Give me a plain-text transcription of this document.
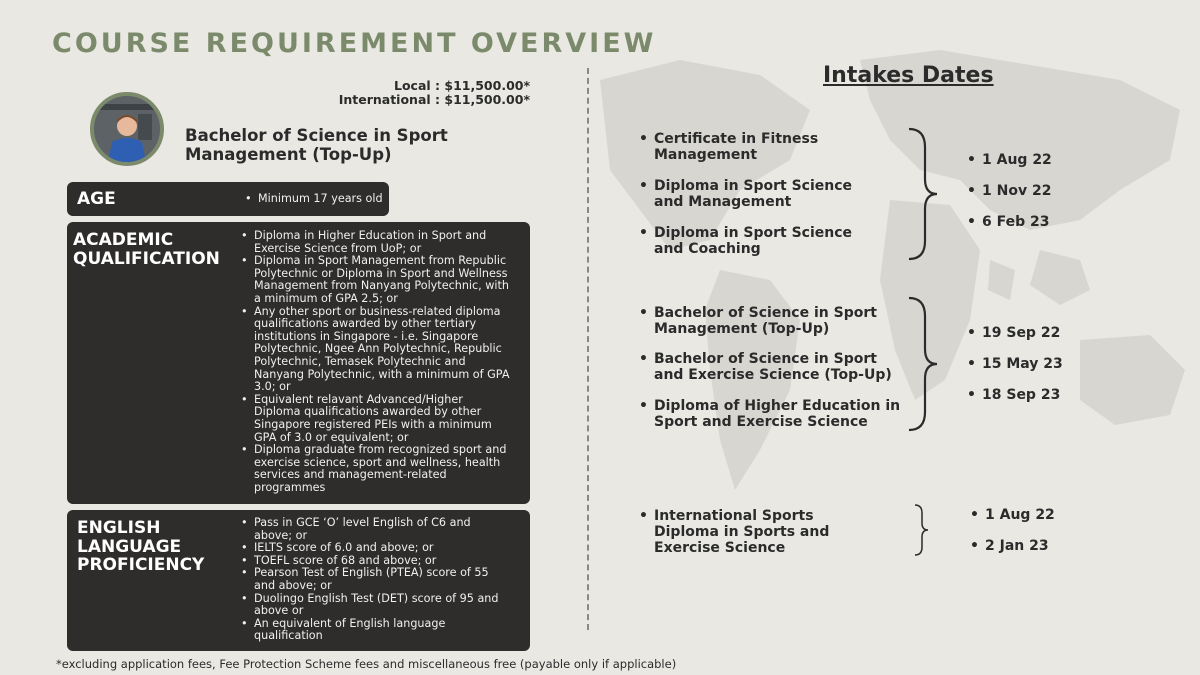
COURSE REQUIREMENT OVERVIEW
Local : $11,500.00*
International : $11,500.00*
Bachelor of Science in Sport Management (Top-Up)
AGE
•	Minimum 17 years old
ACADEMIC
QUALIFICATION
• Diploma in Higher Education in Sport and
Exercise Science from UoP; or
• Diploma in Sport Management from Republic
Polytechnic or Diploma in Sport and Wellness
Management from Nanyang Polytechnic, with
a minimum of GPA 2.5; or
• Any other sport or business-related diploma
qualifications awarded by other tertiary
institutions in Singapore - i.e. Singapore
Polytechnic, Ngee Ann Polytechnic, Republic
Polytechnic, Temasek Polytechnic and
Nanyang Polytechnic, with a minimum of GPA
3.0; or
• Equivalent relavant Advanced/Higher
Diploma qualifications awarded by other
Singapore registered PEIs with a minimum
GPA of 3.0 or equivalent; or
• Diploma graduate from recognized sport and
exercise science, sport and wellness, health
services and management-related
programmes
ENGLISH
LANGUAGE
PROFICIENCY
• Pass in GCE ‘O’ level English of C6 and
above; or
• IELTS score of 6.0 and above; or
• TOEFL score of 68 and above; or
• Pearson Test of English (PTEA) score of 55
and above; or
• Duolingo English Test (DET) score of 95 and
above or
• An equivalent of English language
qualification
*excluding application fees, Fee Protection Scheme fees and miscellaneous free (payable only if applicable)
Intakes Dates
• Certificate in Fitness
Management
• Diploma in Sport Science
and Management
• Diploma in Sport Science
and Coaching
• 1 Aug 22
• 1 Nov 22
• 6 Feb 23
• Bachelor of Science in Sport
Management (Top-Up)
• Bachelor of Science in Sport
and Exercise Science (Top-Up)
• Diploma of Higher Education in
Sport and Exercise Science
• 19 Sep 22
• 15 May 23
• 18 Sep 23
• International Sports
Diploma in Sports and
Exercise Science
• 1 Aug 22
• 2 Jan 23
